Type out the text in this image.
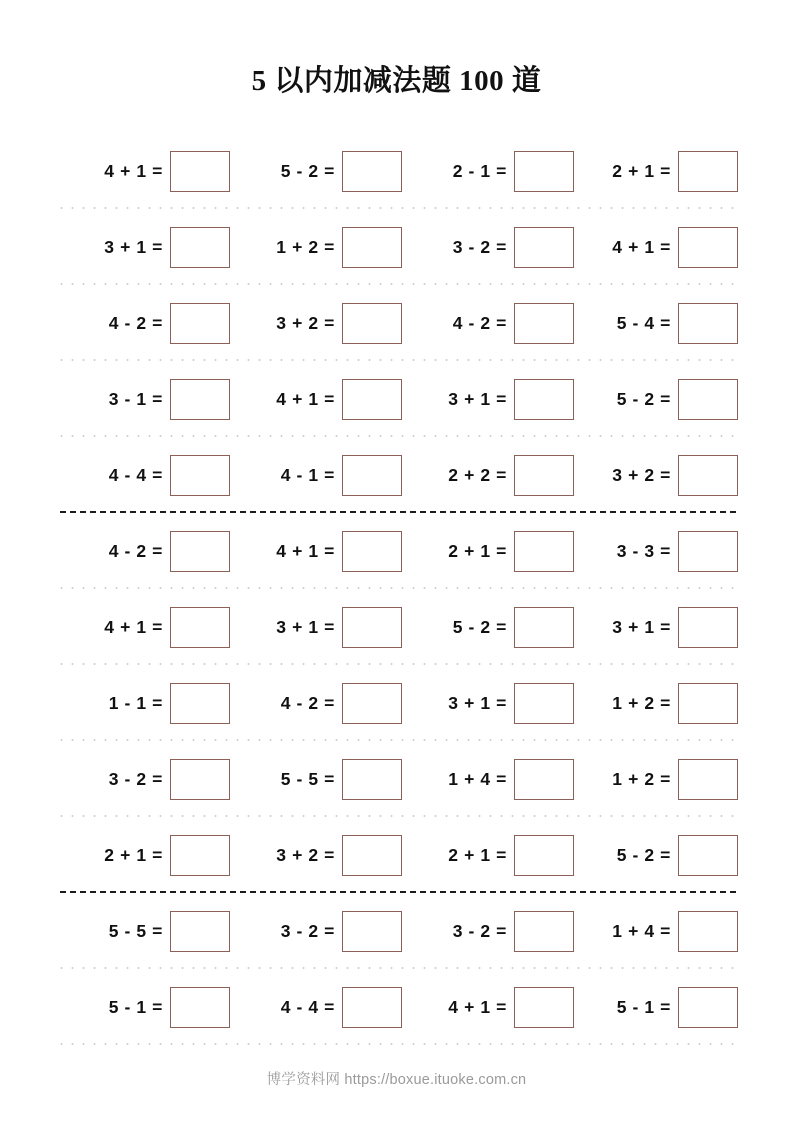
5 以内加减法题 100 道
4 + 1 =	5 - 2 =	2 - 1 =	2 + 1 =
3 + 1 =	1 + 2 =	3 - 2 =	4 + 1 =
4 - 2 =	3 + 2 =	4 - 2 =	5 - 4 =
3 - 1 =	4 + 1 =	3 + 1 =	5 - 2 =
4 - 4 =	4 - 1 =	2 + 2 =	3 + 2 =
4 - 2 =	4 + 1 =	2 + 1 =	3 - 3 =
4 + 1 =	3 + 1 =	5 - 2 =	3 + 1 =
1 - 1 =	4 - 2 =	3 + 1 =	1 + 2 =
3 - 2 =	5 - 5 =	1 + 4 =	1 + 2 =
2 + 1 =	3 + 2 =	2 + 1 =	5 - 2 =
5 - 5 =	3 - 2 =	3 - 2 =	1 + 4 =
5 - 1 =	4 - 4 =	4 + 1 =	5 - 1 =
博学资料网 https://boxue.ituoke.com.cn
